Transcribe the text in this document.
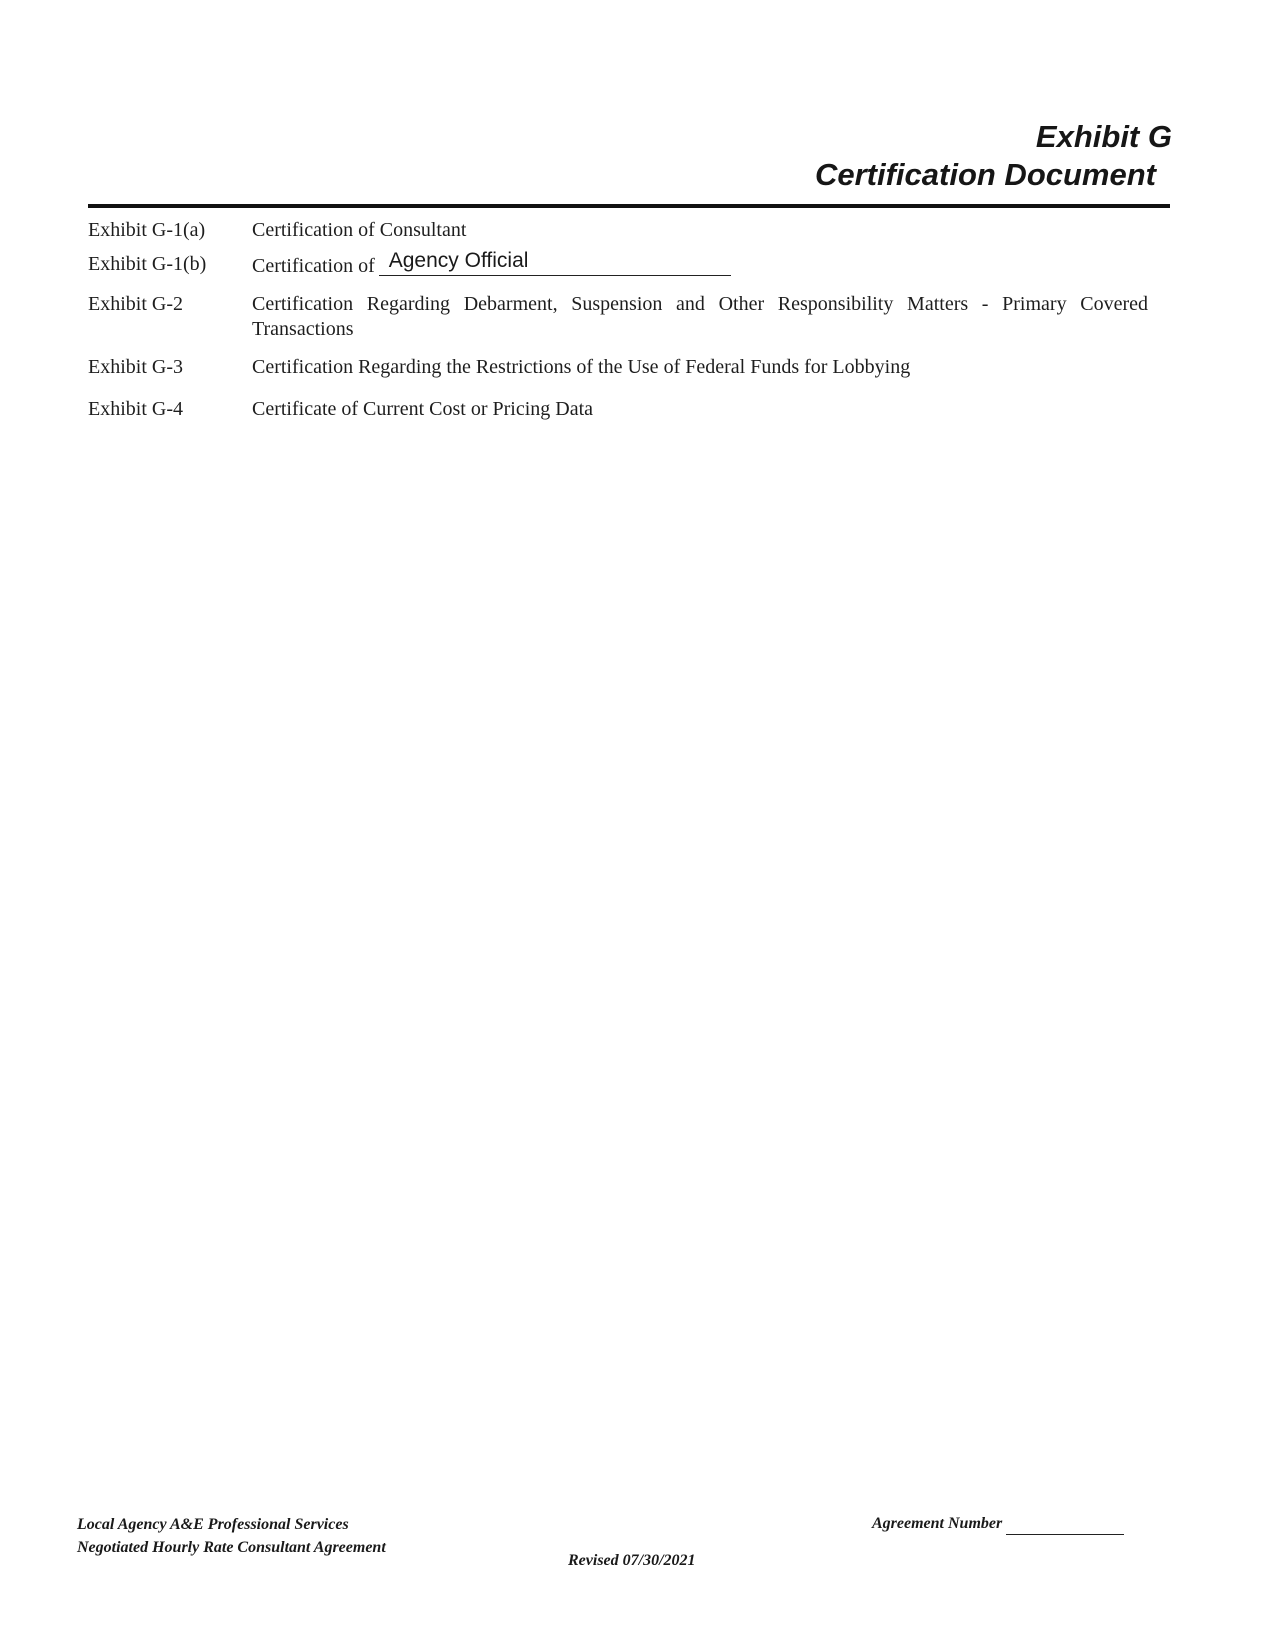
Exhibit G
Certification Document
Exhibit G-1(a)	Certification of Consultant
Exhibit G-1(b)	Certification of Agency Official
Exhibit G-2	Certification Regarding Debarment, Suspension and Other Responsibility Matters - Primary Covered Transactions
Exhibit G-3	Certification Regarding the Restrictions of the Use of Federal Funds for Lobbying
Exhibit G-4	Certificate of Current Cost or Pricing Data
Local Agency A&E Professional Services
Negotiated Hourly Rate Consultant Agreement
Revised 07/30/2021
Agreement Number
